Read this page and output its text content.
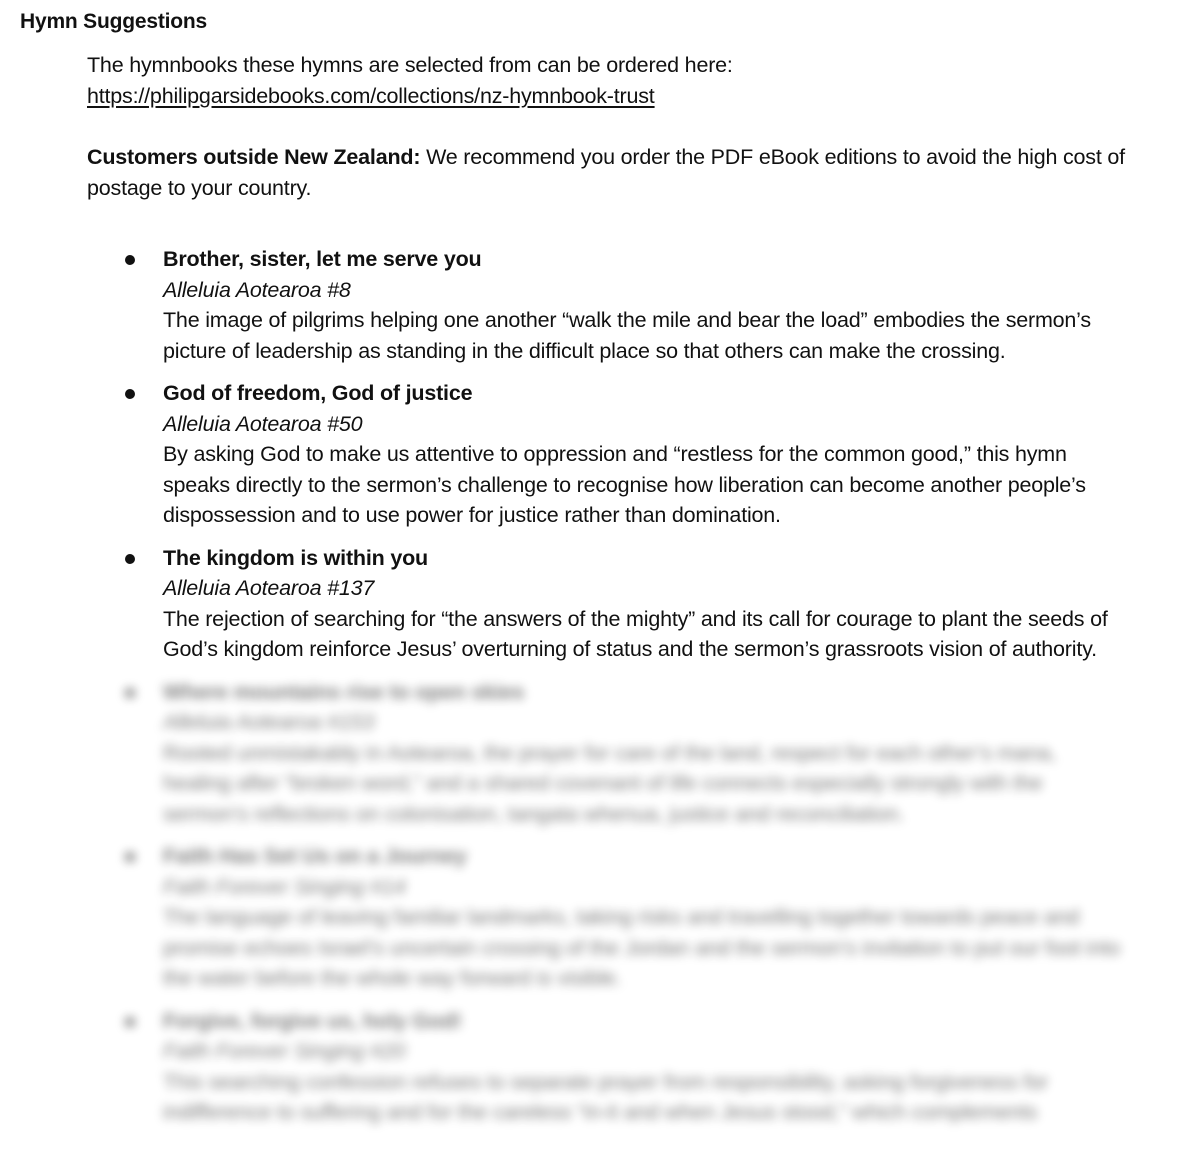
Hymn Suggestions

The hymnbooks these hymns are selected from can be ordered here:

https://philipgarsidebooks.com/collections/nz-hymnbook-trust

Customers outside New Zealand: We recommend you order the PDF eBook editions to avoid the high cost of postage to your country.

Brother, sister, let me serve you
Alleluia Aotearoa #8
The image of pilgrims helping one another “walk the mile and bear the load” embodies the sermon’s picture of leadership as standing in the difficult place so that others can make the crossing.
God of freedom, God of justice
Alleluia Aotearoa #50
By asking God to make us attentive to oppression and “restless for the common good,” this hymn speaks directly to the sermon’s challenge to recognise how liberation can become another people’s dispossession and to use power for justice rather than domination.
The kingdom is within you
Alleluia Aotearoa #137
The rejection of searching for “the answers of the mighty” and its call for courage to plant the seeds of God’s kingdom reinforce Jesus’ overturning of status and the sermon’s grassroots vision of authority.
Where mountains rise to open skies
Alleluia Aotearoa #153
Rooted unmistakably in Aotearoa, the prayer for care of the land, respect for each other’s mana, healing after “broken word,” and a shared covenant of life connects especially strongly with the sermon’s reflections on colonisation, tangata whenua, justice and reconciliation.
Faith Has Set Us on a Journey
Faith Forever Singing #14
The language of leaving familiar landmarks, taking risks and travelling together towards peace and promise echoes Israel’s uncertain crossing of the Jordan and the sermon’s invitation to put our foot into the water before the whole way forward is visible.
Forgive, forgive us, holy God!
Faith Forever Singing #20
This searching confession refuses to separate prayer from responsibility, asking forgiveness for indifference to suffering and for the careless “in-it and when Jesus stood,” which complements
